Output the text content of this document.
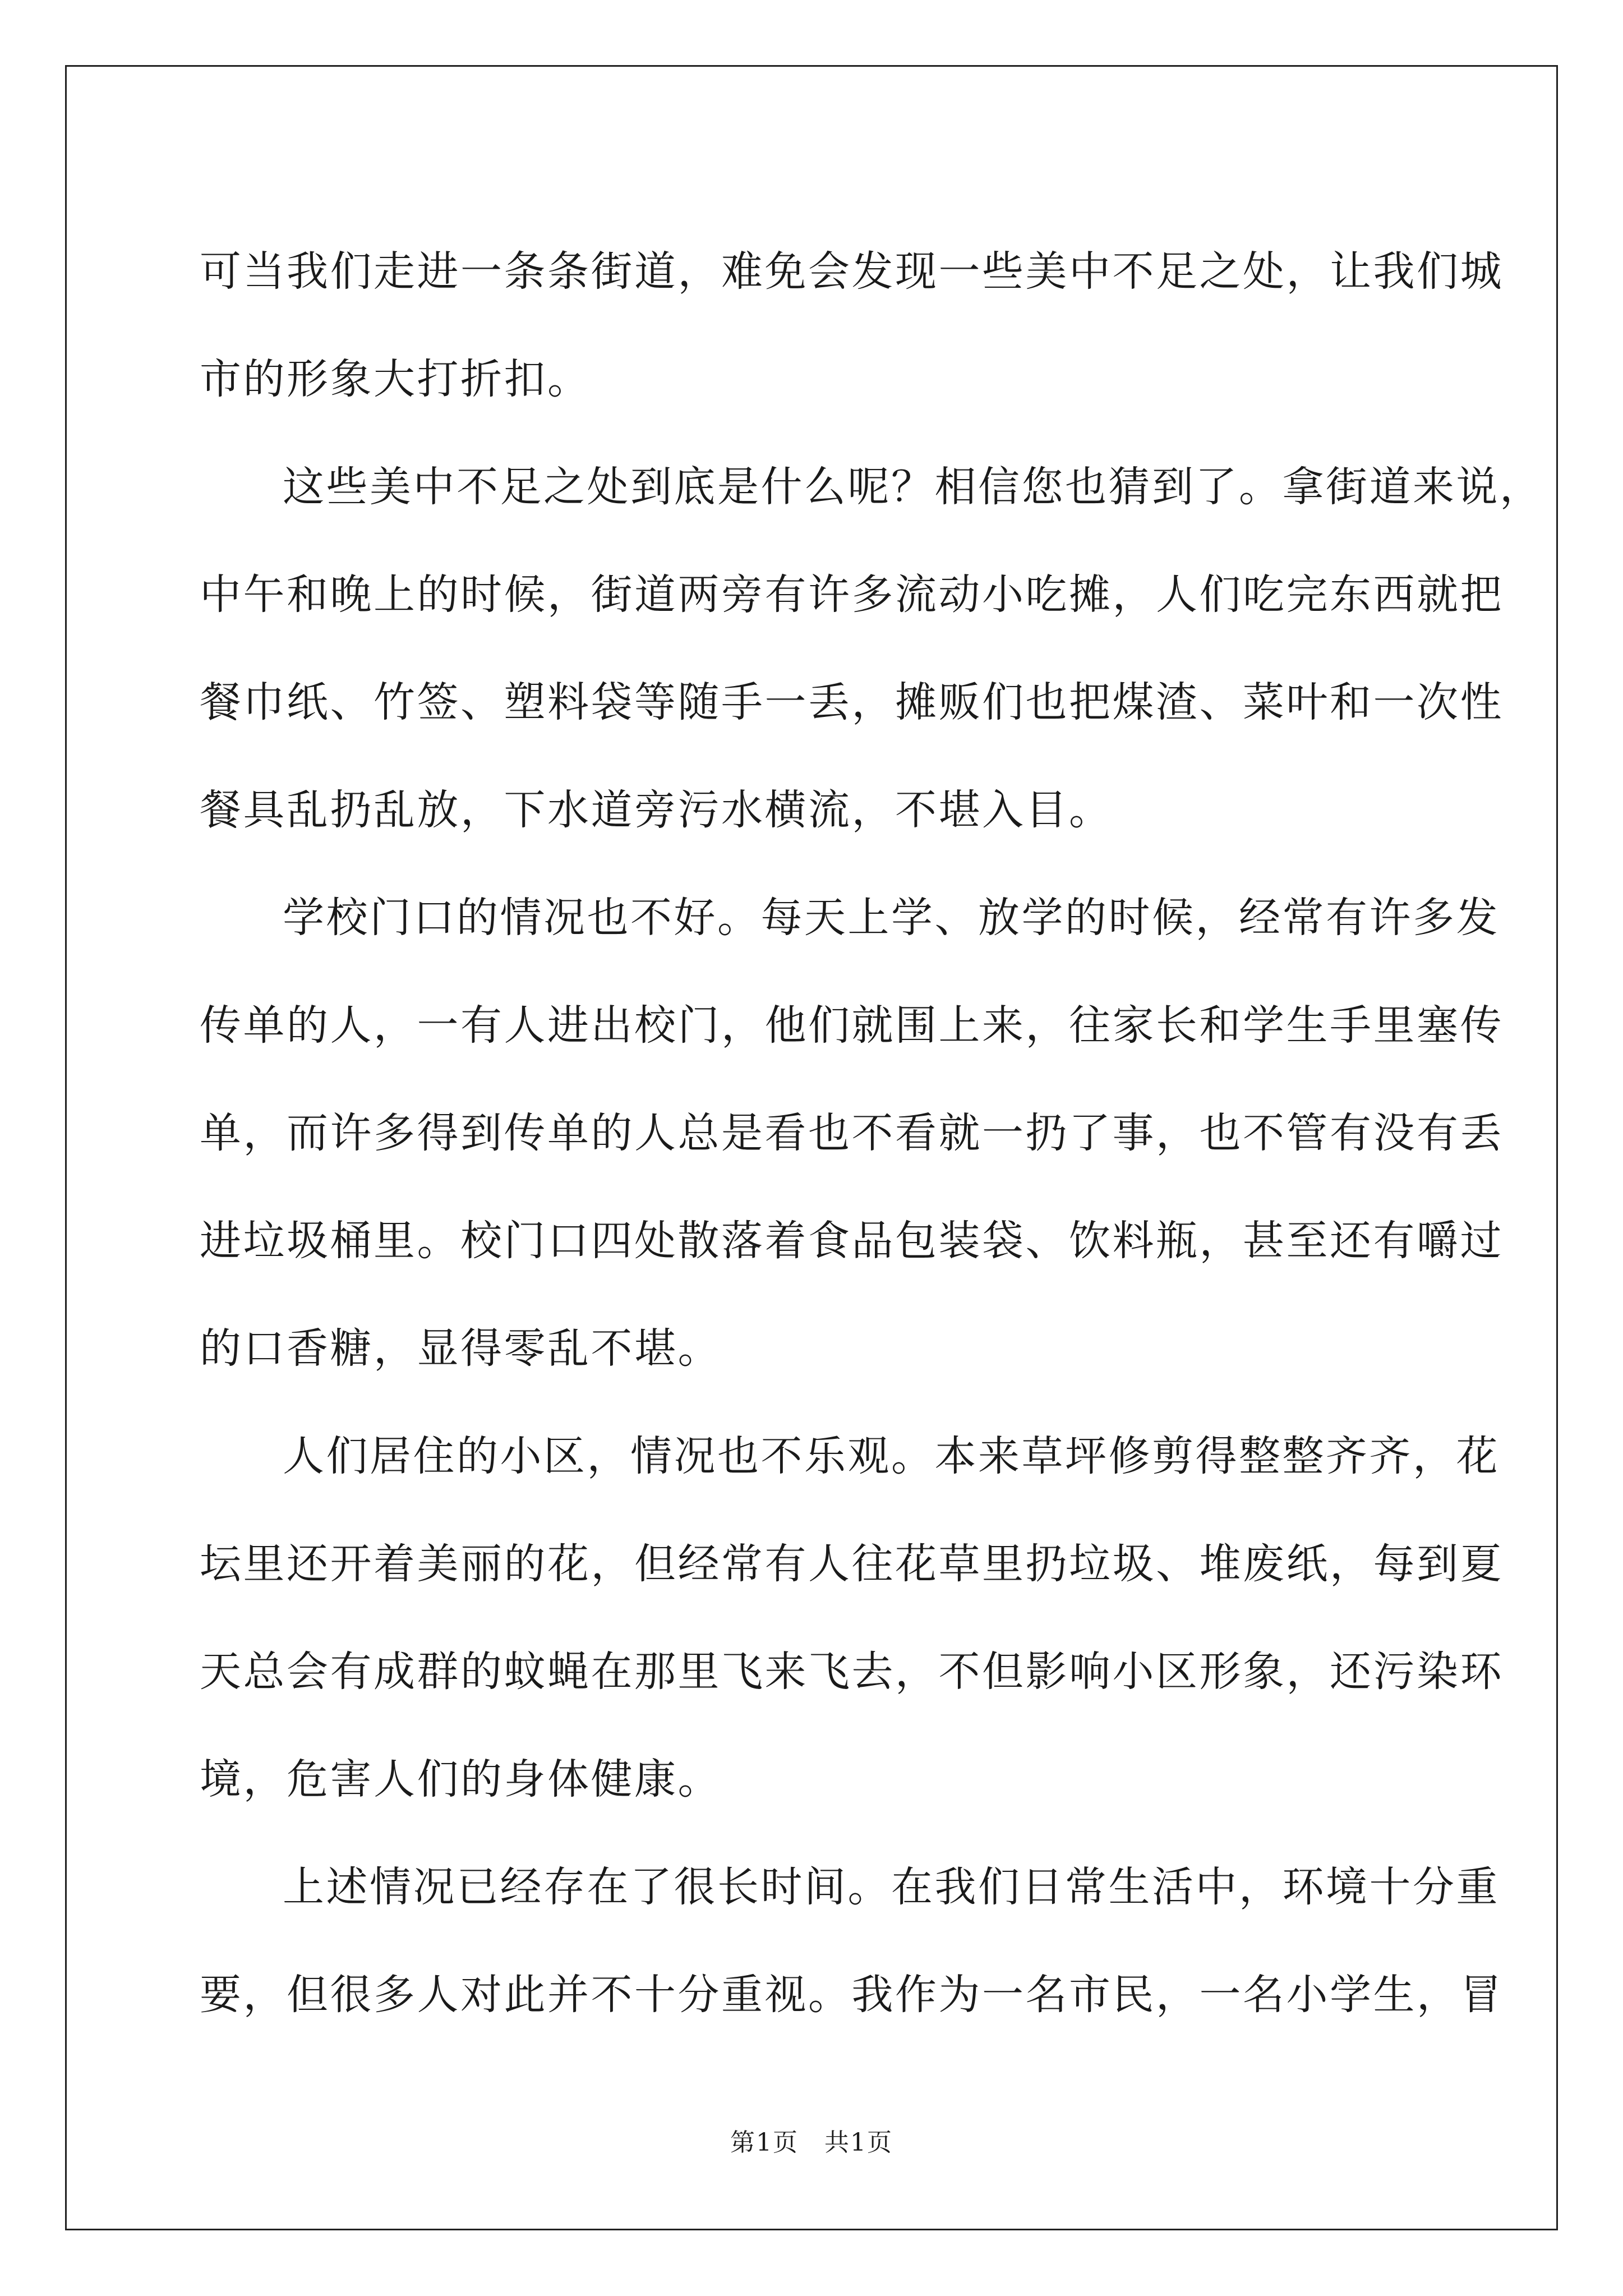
可当我们走进一条条街道，难免会发现一些美中不足之处，让我们城
市的形象大打折扣。

这些美中不足之处到底是什么呢？相信您也猜到了。拿街道来说，
中午和晚上的时候，街道两旁有许多流动小吃摊，人们吃完东西就把
餐巾纸、竹签、塑料袋等随手一丢，摊贩们也把煤渣、菜叶和一次性
餐具乱扔乱放，下水道旁污水横流，不堪入目。

学校门口的情况也不好。每天上学、放学的时候，经常有许多发
传单的人，一有人进出校门，他们就围上来，往家长和学生手里塞传
单，而许多得到传单的人总是看也不看就一扔了事，也不管有没有丢
进垃圾桶里。校门口四处散落着食品包装袋、饮料瓶，甚至还有嚼过
的口香糖，显得零乱不堪。

人们居住的小区，情况也不乐观。本来草坪修剪得整整齐齐，花
坛里还开着美丽的花，但经常有人往花草里扔垃圾、堆废纸，每到夏
天总会有成群的蚊蝇在那里飞来飞去，不但影响小区形象，还污染环
境，危害人们的身体健康。

上述情况已经存在了很长时间。在我们日常生活中，环境十分重
要，但很多人对此并不十分重视。我作为一名市民，一名小学生，冒

第1页 共1页
